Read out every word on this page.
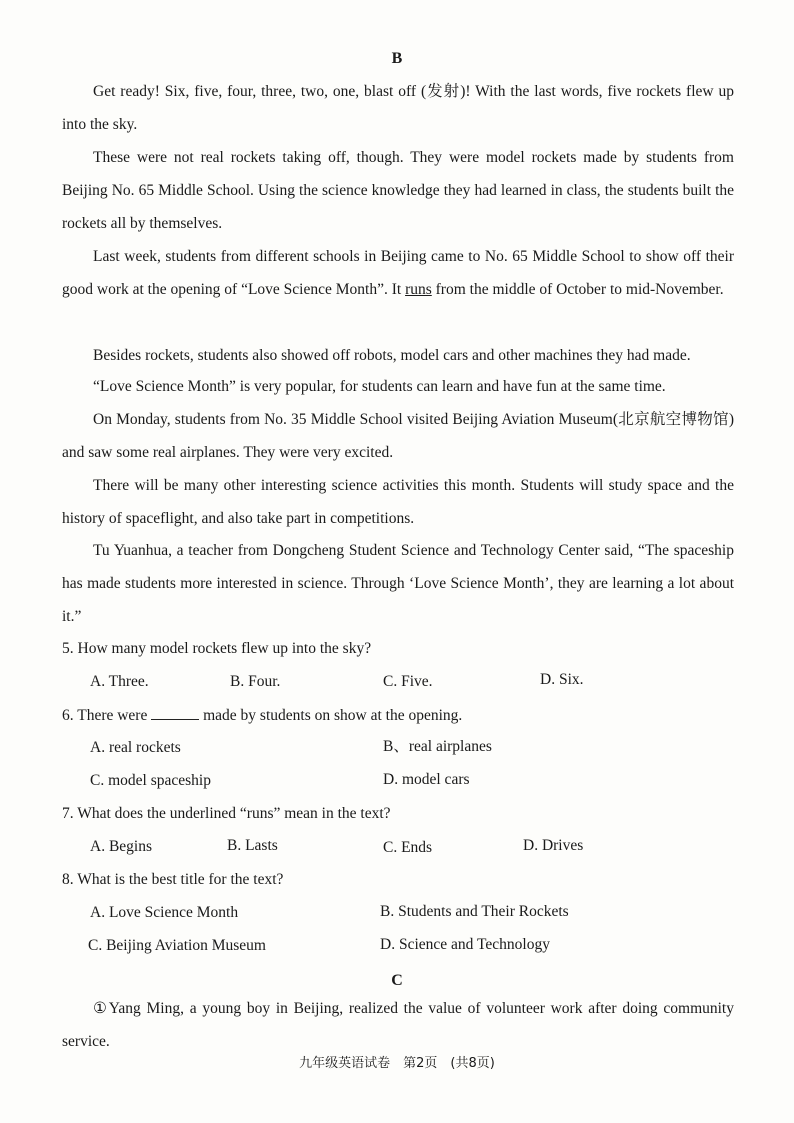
B

Get ready! Six, five, four, three, two, one, blast off (发射)! With the last words, five rockets flew up into the sky.

These were not real rockets taking off, though. They were model rockets made by students from Beijing No. 65 Middle School. Using the science knowledge they had learned in class, the students built the rockets all by themselves.

Last week, students from different schools in Beijing came to No. 65 Middle School to show off their good work at the opening of “Love Science Month”. It runs from the middle of October to mid-November.

Besides rockets, students also showed off robots, model cars and other machines they had made.

“Love Science Month” is very popular, for students can learn and have fun at the same time.

On Monday, students from No. 35 Middle School visited Beijing Aviation Museum(北京航空博物馆) and saw some real airplanes. They were very excited.

There will be many other interesting science activities this month. Students will study space and the history of spaceflight, and also take part in competitions.

Tu Yuanhua, a teacher from Dongcheng Student Science and Technology Center said, “The spaceship has made students more interested in science. Through ‘Love Science Month’, they are learning a lot about it.”

5. How many model rockets flew up into the sky?
A. Three.	B. Four.	C. Five.	D. Six.
6. There were	made by students on show at the opening.
A. real rockets	B、real airplanes
C. model spaceship	D. model cars
7. What does the underlined “runs” mean in the text?
A. Begins	B. Lasts	C. Ends	D. Drives
8. What is the best title for the text?
A. Love Science Month	B. Students and Their Rockets
C. Beijing Aviation Museum	D. Science and Technology
C

①Yang Ming, a young boy in Beijing, realized the value of volunteer work after doing community service.

九年级英语试卷　第2页　(共8页)
